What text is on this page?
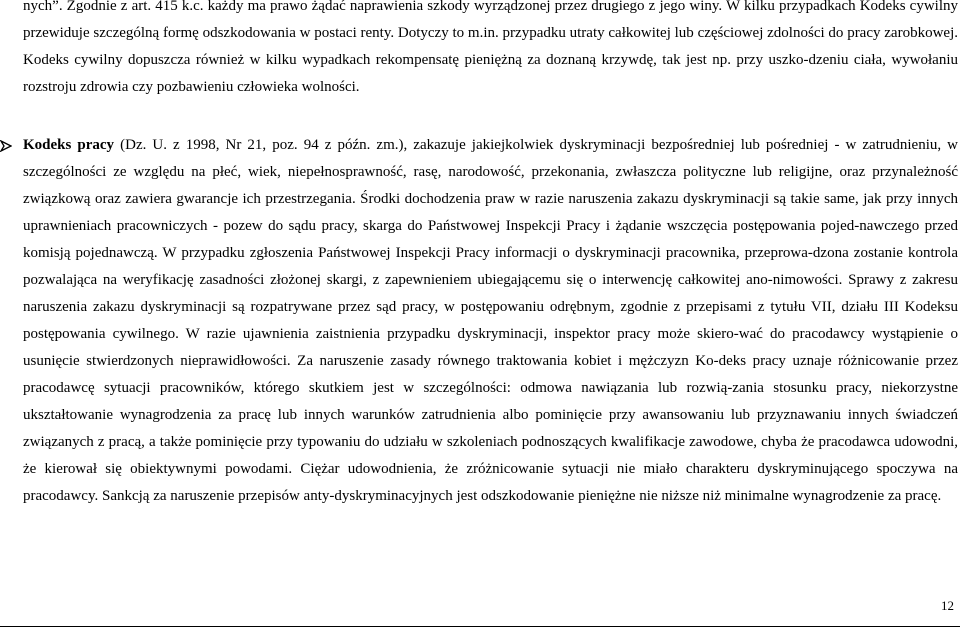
nych”. Zgodnie z art. 415 k.c. każdy ma prawo żądać naprawienia szkody wyrządzonej przez drugiego z jego winy. W kilku przypadkach Kodeks cywilny przewiduje szczególną formę odszkodowania w postaci renty. Dotyczy to m.in. przypadku utraty całkowitej lub częściowej zdolności do pracy zarobkowej. Kodeks cywilny dopuszcza również w kilku wypadkach rekompensatę pieniężną za doznaną krzywdę, tak jest np. przy uszko-dzeniu ciała, wywołaniu rozstroju zdrowia czy pozbawieniu człowieka wolności.
Kodeks pracy (Dz. U. z 1998, Nr 21, poz. 94 z późn. zm.), zakazuje jakiejkolwiek dyskryminacji bezpośredniej lub pośredniej - w zatrudnieniu, w szczególności ze względu na płeć, wiek, niepełnosprawność, rasę, narodowość, przekonania, zwłaszcza polityczne lub religijne, oraz przynależność związkową oraz zawiera gwarancje ich przestrzegania. Środki dochodzenia praw w razie naruszenia zakazu dyskryminacji są takie same, jak przy innych uprawnieniach pracowniczych - pozew do sądu pracy, skarga do Państwowej Inspekcji Pracy i żądanie wszczęcia postępowania pojed-nawczego przed komisją pojednawczą. W przypadku zgłoszenia Państwowej Inspekcji Pracy informacji o dyskryminacji pracownika, przeprowa-dzona zostanie kontrola pozwalająca na weryfikację zasadności złożonej skargi, z zapewnieniem ubiegającemu się o interwencję całkowitej ano-nimowości. Sprawy z zakresu naruszenia zakazu dyskryminacji są rozpatrywane przez sąd pracy, w postępowaniu odrębnym, zgodnie z przepisami z tytułu VII, działu III Kodeksu postępowania cywilnego. W razie ujawnienia zaistnienia przypadku dyskryminacji, inspektor pracy może skiero-wać do pracodawcy wystąpienie o usunięcie stwierdzonych nieprawidłowości. Za naruszenie zasady równego traktowania kobiet i mężczyzn Ko-deks pracy uznaje różnicowanie przez pracodawcę sytuacji pracowników, którego skutkiem jest w szczególności: odmowa nawiązania lub rozwią-zania stosunku pracy, niekorzystne ukształtowanie wynagrodzenia za pracę lub innych warunków zatrudnienia albo pominięcie przy awansowaniu lub przyznawaniu innych świadczeń związanych z pracą, a także pominięcie przy typowaniu do udziału w szkoleniach podnoszących kwalifikacje zawodowe, chyba że pracodawca udowodni, że kierował się obiektywnymi powodami. Ciężar udowodnienia, że zróżnicowanie sytuacji nie miało charakteru dyskryminującego spoczywa na pracodawcy. Sankcją za naruszenie przepisów anty-dyskryminacyjnych jest odszkodowanie pieniężne nie niższe niż minimalne wynagrodzenie za pracę.
12
